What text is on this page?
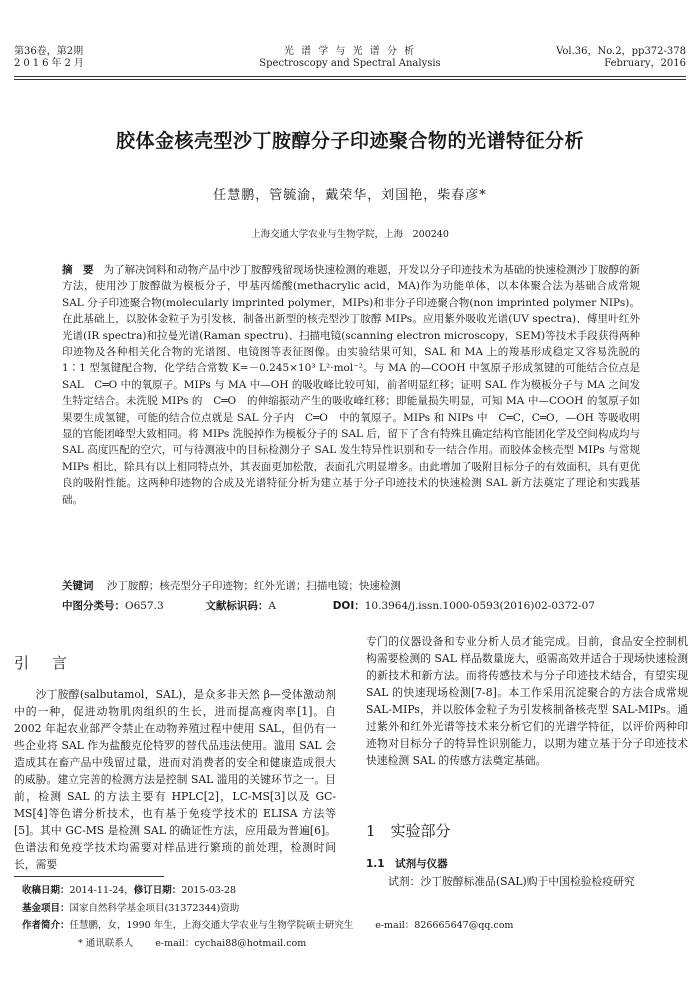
第36卷，第2期
2016年2月
光 谱 学 与 光 谱 分 析
Spectroscopy and Spectral Analysis
Vol.36，No.2，pp372-378
February，2016
胶体金核壳型沙丁胺醇分子印迹聚合物的光谱特征分析
任慧鹏，管毓渝，戴荣华，刘国艳，柴春彦*
上海交通大学农业与生物学院，上海　200240
摘　要 为了解决饲料和动物产品中沙丁胺醇残留现场快速检测的难题，开发以分子印迹技术为基础的快速检测沙丁胺醇的新方法，使用沙丁胺醇做为模板分子，甲基丙烯酸(methacrylic acid，MA)作为功能单体，以本体聚合法为基础合成常规 SAL 分子印迹聚合物(molecularly imprinted polymer，MIPs)和非分子印迹聚合物(non imprinted polymer NIPs)。在此基础上，以胶体金粒子为引发核，制备出新型的核壳型沙丁胺醇 MIPs。应用紫外吸收光谱(UV spectra)、傅里叶红外光谱(IR spectra)和拉曼光谱(Raman spectru)、扫描电镜(scanning electron microscopy，SEM)等技术手段获得两种印迹物及各种相关化合物的光谱图、电镜图等表征图像。由实验结果可知，SAL 和 MA 上的羧基形成稳定又容易洗脱的 1∶1 型氢键配合物，化学结合常数 K=－0.245×10³ L²·mol⁻²。与 MA 的—COOH 中氢原子形成氢键的可能结合位点是 SAL　C═O 中的氧原子。MIPs 与 MA 中—OH 的吸收峰比较可知，前者明显红移；证明 SAL 作为模板分子与 MA 之间发生特定结合。未洗脱 MIPs 的　C═O　的伸缩振动产生的吸收峰红移；即能量损失明显，可知 MA 中—COOH 的氢原子如果要生成氢键，可能的结合位点就是 SAL 分子内　C═O　中的氧原子。MIPs 和 NIPs 中　C═C，C═O，—OH 等吸收明显的官能团峰型大致相同。将 MIPs 洗脱掉作为模板分子的 SAL 后，留下了含有特殊且确定结构官能团化学及空间构成均与 SAL 高度匹配的空穴，可与待测液中的目标检测分子 SAL 发生特异性识别和专一结合作用。而胶体金核壳型 MIPs 与常规 MIPs 相比，除具有以上相同特点外，其表面更加松散，表面孔穴明显增多。由此增加了吸附目标分子的有效面积，具有更优良的吸附性能。这两种印迹物的合成及光谱特征分析为建立基于分子印迹技术的快速检测 SAL 新方法奠定了理论和实践基础。
关键词 沙丁胺醇；核壳型分子印迹物；红外光谱；扫描电镜；快速检测
中图分类号：O657.3	文献标识码：A	DOI：10.3964/j.issn.1000-0593(2016)02-0372-07
引　言
沙丁胺醇(salbutamol，SAL)，是众多非天然 β—受体激动剂中的一种，促进动物肌肉组织的生长，进而提高瘦肉率[1]。自 2002 年起农业部严令禁止在动物养殖过程中使用 SAL，但仍有一些企业将 SAL 作为盐酸克伦特罗的替代品违法使用。滥用 SAL 会造成其在畜产品中残留过量，进而对消费者的安全和健康造成很大的威胁。建立完善的检测方法是控制 SAL 滥用的关键环节之一。目前，检测 SAL 的方法主要有 HPLC[2]，LC-MS[3]以及 GC-MS[4]等色谱分析技术，也有基于免疫学技术的 ELISA 方法等[5]。其中 GC-MS 是检测 SAL 的确证性方法，应用最为普遍[6]。色谱法和免疫学技术均需要对样品进行繁琐的前处理，检测时间长，需要

专门的仪器设备和专业分析人员才能完成。目前，食品安全控制机构需要检测的 SAL 样品数量庞大，亟需高效并适合于现场快速检测的新技术和新方法。而将传感技术与分子印迹技术结合，有望实现 SAL 的快速现场检测[7-8]。本工作采用沉淀聚合的方法合成常规 SAL-MIPs，并以胶体金粒子为引发核制备核壳型 SAL-MIPs。通过紫外和红外光谱等技术来分析它们的光谱学特征，以评价两种印迹物对目标分子的特异性识别能力，以期为建立基于分子印迹技术快速检测 SAL 的传感方法奠定基础。

1　实验部分
1.1　试剂与仪器
试剂：沙丁胺醇标准品(SAL)购于中国检验检疫研究
收稿日期：2014-11-24，修订日期：2015-03-28
基金项目：国家自然科学基金项目(31372344)资助
作者简介：任慧鹏，女，1990 年生，上海交通大学农业与生物学院硕士研究生 e-mail：826665647@qq.com
* 通讯联系人 e-mail：cychai88@hotmail.com
